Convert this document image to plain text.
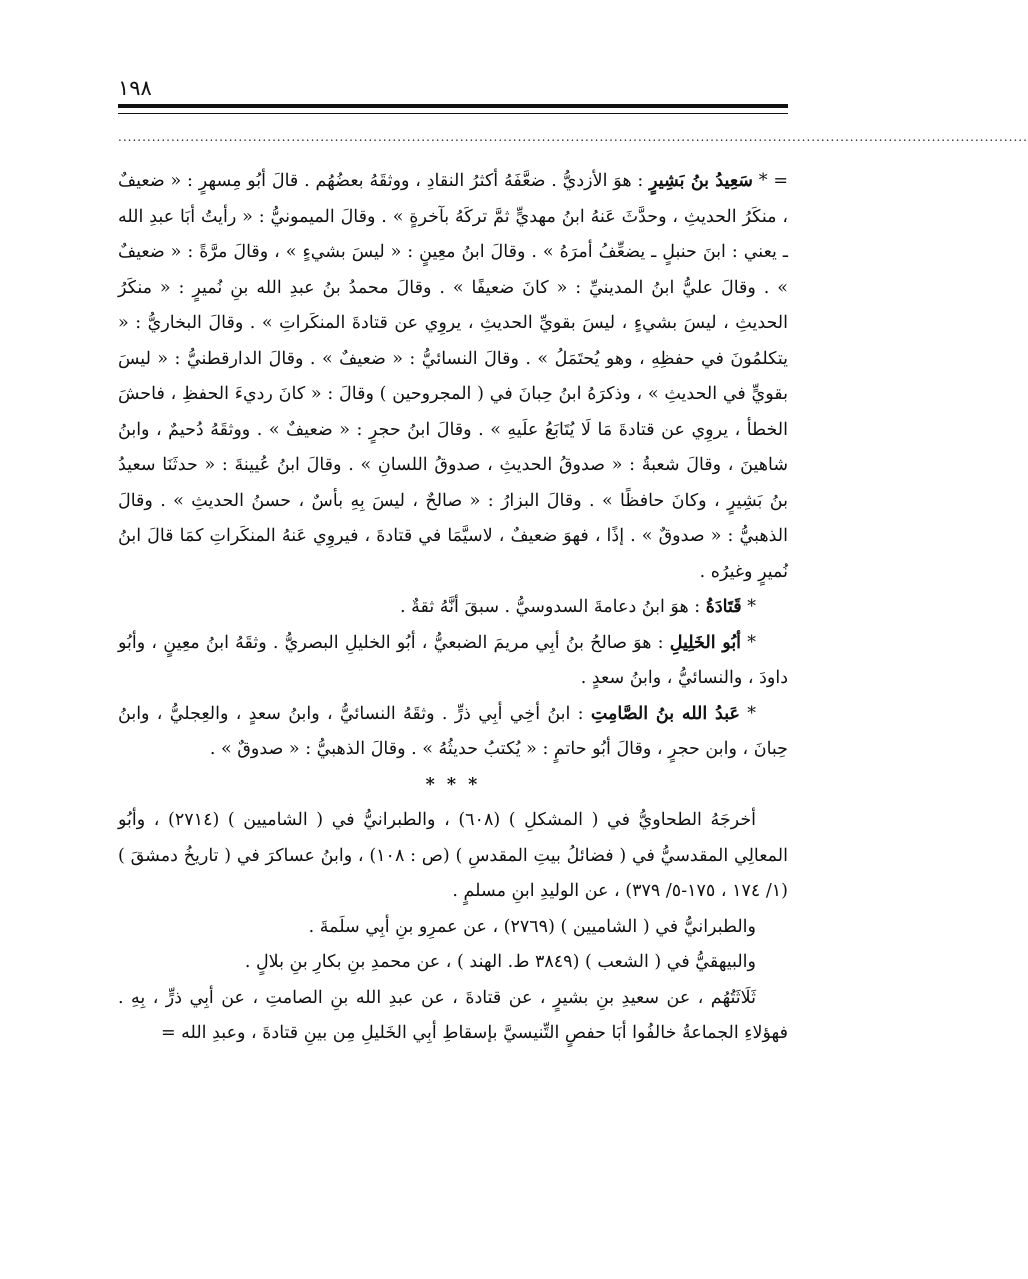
١٩٨
.............................................................................................................................................................................................

= * سَعِيدُ بنُ بَشِيرٍ : هوَ الأزديُّ . ضعَّفَهُ أكثرُ النقادِ ، ووثقَهُ بعضُهُم . قالَ أبُو مِسهرٍ : « ضعيفٌ ، منكَرُ الحديثِ ، وحدَّثَ عَنهُ ابنُ مهديٍّ ثمَّ تركَهُ بآخرةٍ » . وقالَ الميمونيُّ : « رأيتُ أبَا عبدِ الله ـ يعني : ابنَ حنبلٍ ـ يضعِّفُ أمرَهُ » . وقالَ ابنُ معِينٍ : « ليسَ بشيءٍ » ، وقالَ مرَّةً : « ضعيفٌ » . وقالَ عليُّ ابنُ المدينيِّ : « كانَ ضعيفًا » . وقالَ محمدُ بنُ عبدِ الله بنِ نُميرٍ : « منكَرُ الحديثِ ، ليسَ بشيءٍ ، ليسَ بقويِّ الحديثِ ، يروِي عن قتادةَ المنكَراتِ » . وقالَ البخاريُّ : « يتكلمُونَ في حفظِهِ ، وهو يُحتَمَلُ » . وقالَ النسائيُّ : « ضعيفٌ » . وقالَ الدارقطنيُّ : « ليسَ بقويٍّ في الحديثِ » ، وذكرَهُ ابنُ حِبانَ في ( المجروحين ) وقالَ : « كانَ رديءَ الحفظِ ، فاحشَ الخطأ ، يروِي عن قتادةَ مَا لَا يُتَابَعُ علَيهِ » . وقالَ ابنُ حجرٍ : « ضعيفٌ » . ووثقَهُ دُحيمٌ ، وابنُ شاهينَ ، وقالَ شعبةُ : « صدوقُ الحديثِ ، صدوقُ اللسانِ » . وقالَ ابنُ عُيينةَ : « حدثَنَا سعيدُ بنُ بَشِيرٍ ، وكانَ حافظًا » . وقالَ البزارُ : « صالحٌ ، ليسَ بِهِ بأسٌ ، حسنُ الحديثِ » . وقالَ الذهبيُّ : « صدوقٌ » . إذًا ، فهوَ ضعيفٌ ، لاسيَّمَا في قتادةَ ، فيروِي عَنهُ المنكَراتِ كمَا قالَ ابنُ نُميرٍ وغيرُه .

* قَتَادَةُ : هوَ ابنُ دعامةَ السدوسيُّ . سبقَ أنَّهُ ثقةٌ .

* أبُو الخَلِيلِ : هوَ صالحُ بنُ أبِي مريمَ الضبعيُّ ، أبُو الخليلِ البصريُّ . وثقَهُ ابنُ معِينٍ ، وأبُو داودَ ، والنسائيُّ ، وابنُ سعدٍ .

* عَبدُ الله بنُ الصَّامِتِ : ابنُ أخِي أبِي ذرٍّ . وثقَهُ النسائيُّ ، وابنُ سعدٍ ، والعِجليُّ ، وابنُ حِبانَ ، وابن حجرٍ ، وقالَ أبُو حاتمٍ : « يُكتبُ حديثُهُ » . وقالَ الذهبيُّ : « صدوقٌ » .

* * *

أخرجَهُ الطحاويُّ في ( المشكلِ ) (٦٠٨) ، والطبرانيُّ في ( الشاميين ) (٢٧١٤) ، وأبُو المعالِي المقدسيُّ في ( فضائلُ بيتِ المقدسِ ) (ص : ١٠٨) ، وابنُ عساكرَ في ( تاريخُ دمشقَ ) (١/ ١٧٤ ، ١٧٥-٥/ ٣٧٩) ، عن الوليدِ ابنِ مسلمٍ .

والطبرانيُّ في ( الشاميين ) (٢٧٦٩) ، عن عمرِو بنِ أبِي سلَمةَ .

والبيهقيُّ في ( الشعب ) (٣٨٤٩ ط. الهند ) ، عن محمدِ بنِ بكارِ بنِ بلالٍ .

ثَلَاثَتُهُم ، عن سعيدِ بنِ بشيرٍ ، عن قتادةَ ، عن عبدِ الله بنِ الصامتِ ، عن أبِي ذرٍّ ، بِهِ . فهؤلاءِ الجماعةُ خالفُوا أبَا حفصٍ التِّنيسيَّ بإسقاطِ أبِي الخَليلِ مِن بينِ قتادةَ ، وعبدِ الله =
